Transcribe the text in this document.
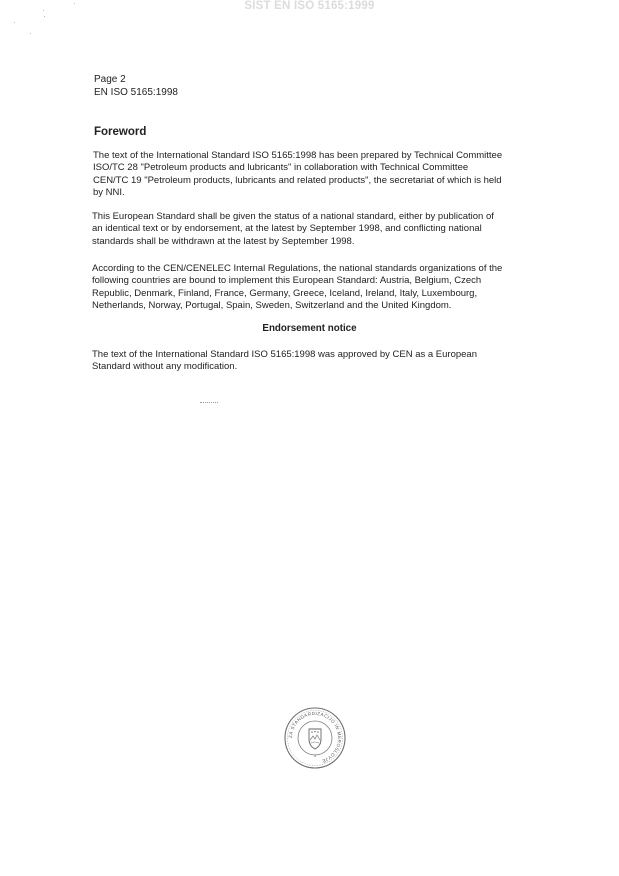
SIST EN ISO 5165:1999
Page 2
EN ISO 5165:1998
Foreword
The text of the International Standard ISO 5165:1998 has been prepared by Technical Committee
ISO/TC 28 "Petroleum products and lubricants" in collaboration with Technical Committee
CEN/TC 19 "Petroleum products, lubricants and related products", the secretariat of which is held
by NNI.
This European Standard shall be given the status of a national standard, either by publication of
an identical text or by endorsement, at the latest by September 1998, and conflicting national
standards shall be withdrawn at the latest by September 1998.
According to the CEN/CENELEC Internal Regulations, the national standards organizations of the
following countries are bound to implement this European Standard: Austria, Belgium, Czech
Republic, Denmark, Finland, France, Germany, Greece, Iceland, Ireland, Italy, Luxembourg,
Netherlands, Norway, Portugal, Spain, Sweden, Switzerland and the United Kingdom.
Endorsement notice
The text of the International Standard ISO 5165:1998 was approved by CEN as a European
Standard without any modification.
ZA STANDARDIZACIJO IN MEROSLOVJE
3
